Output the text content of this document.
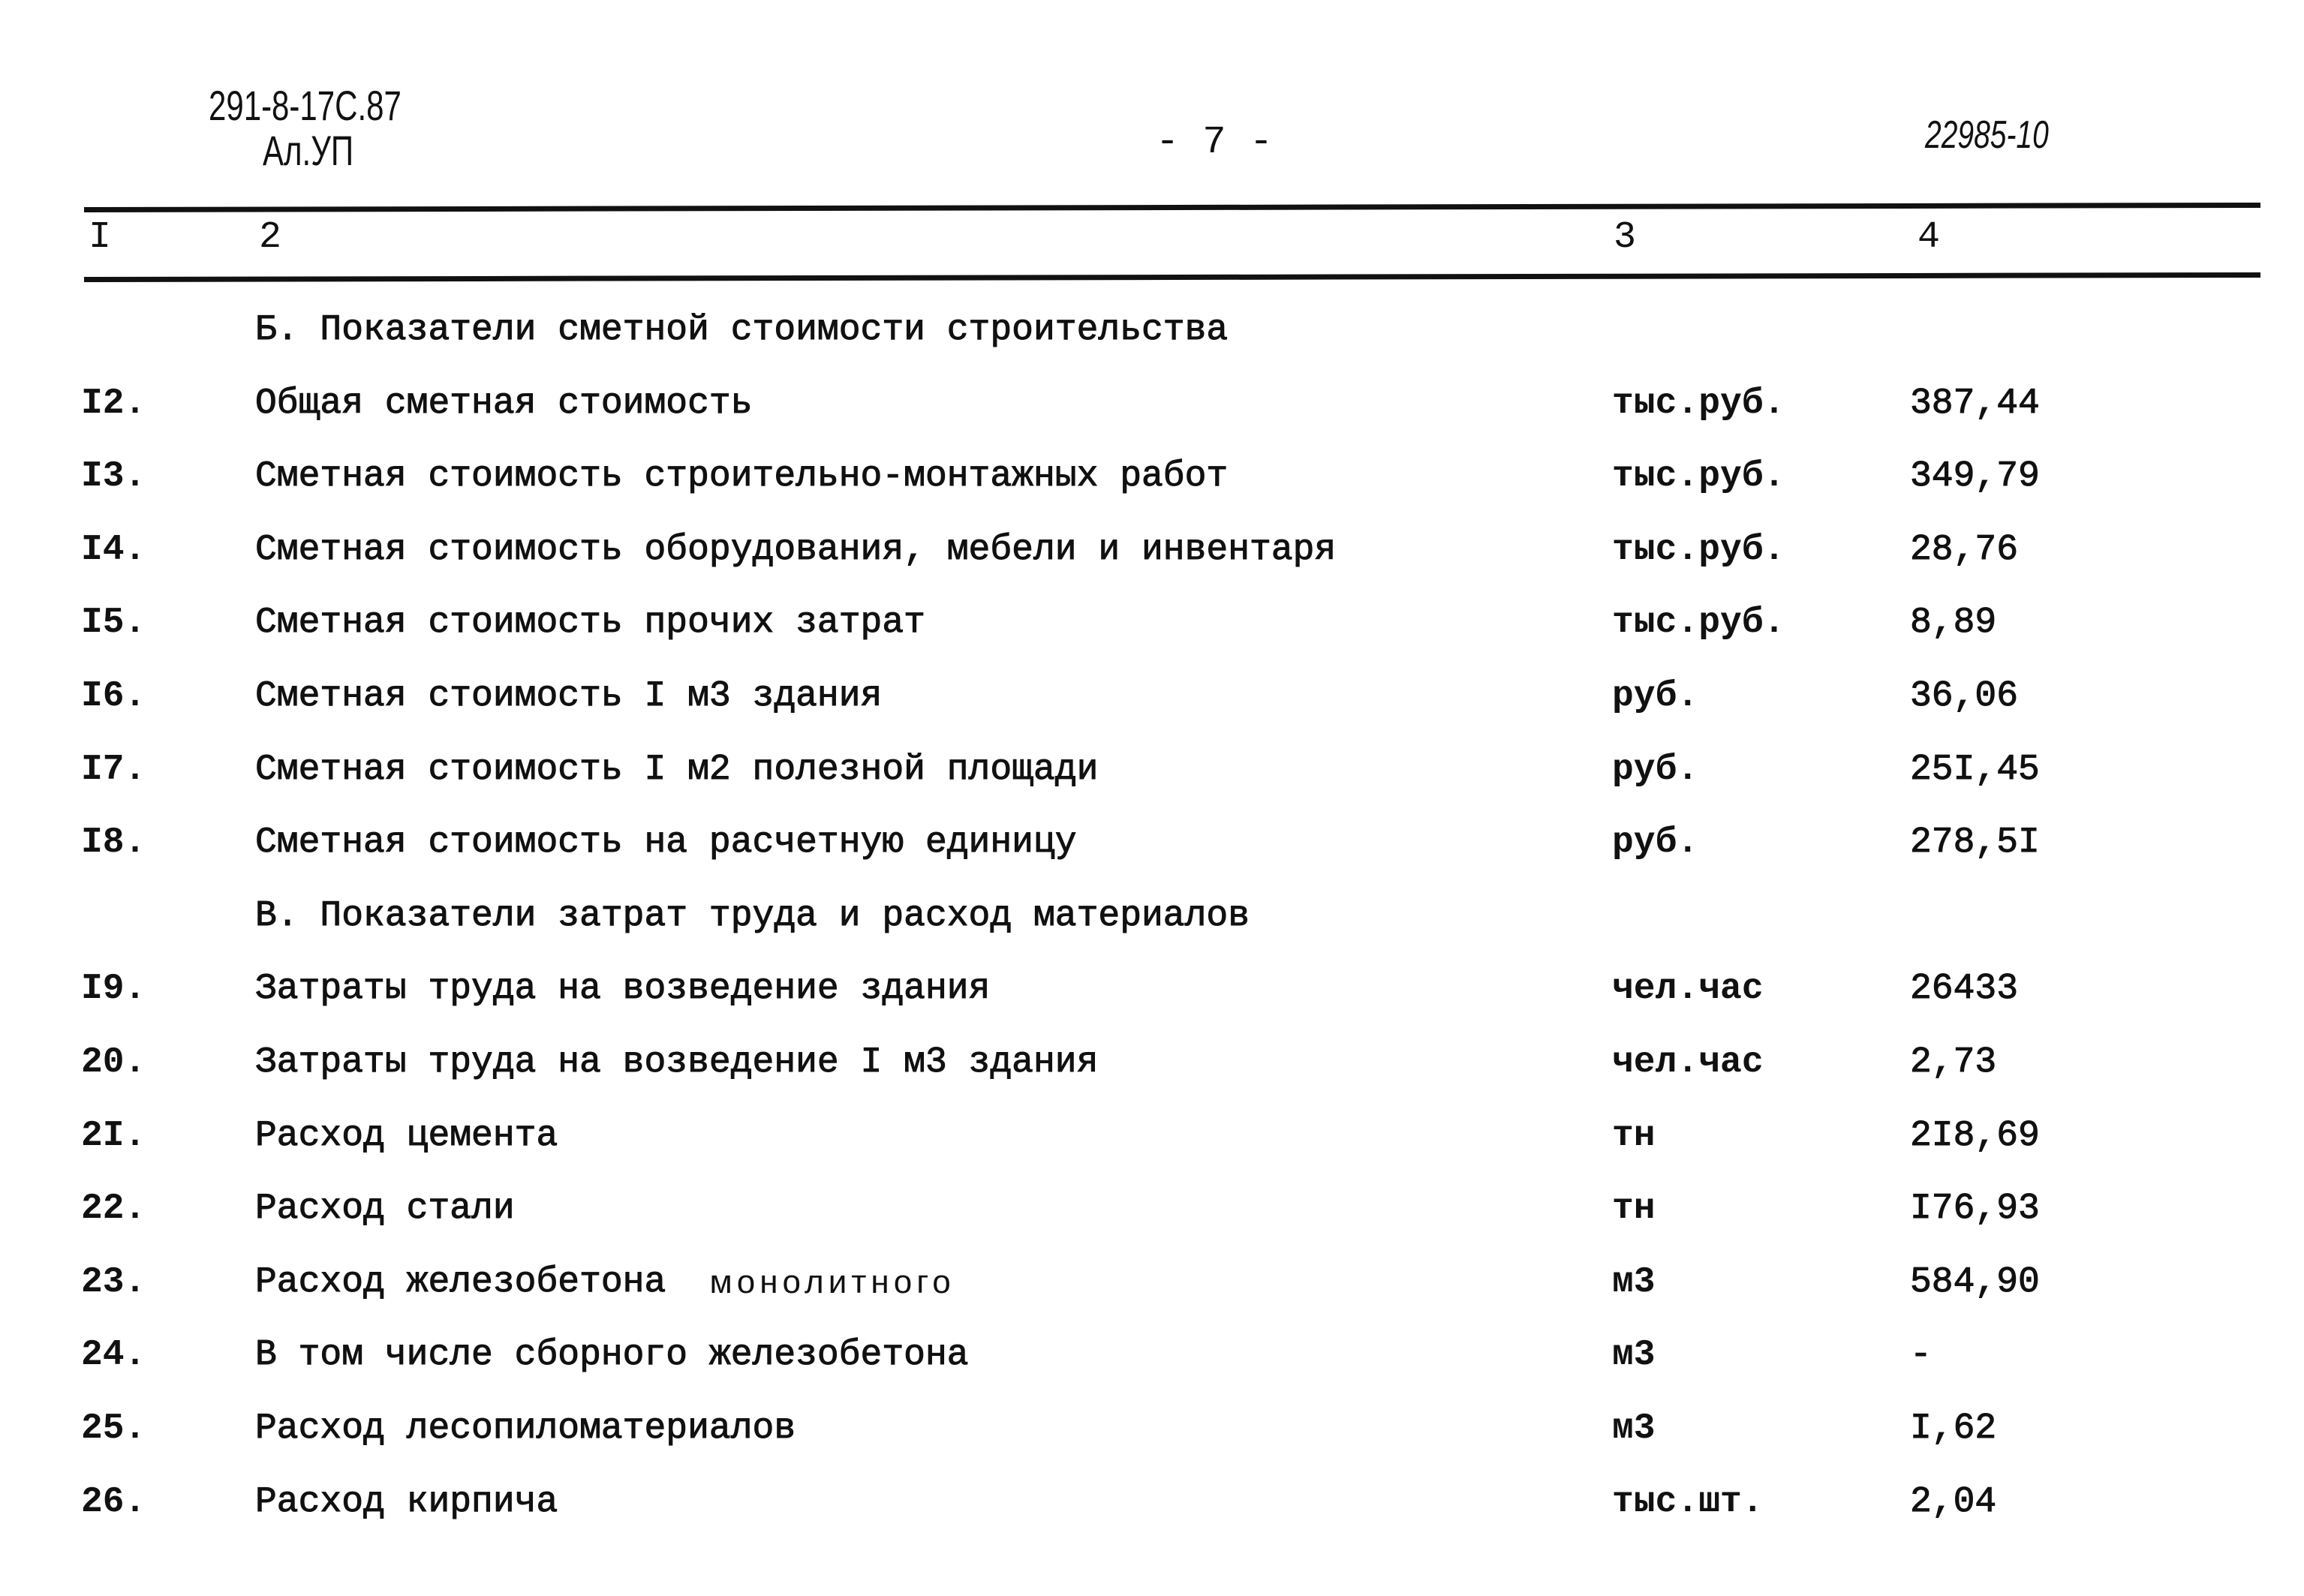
291-8-17С.87
Ал.УП	- 7 -	22985-10
I	2	3	4
Б. Показатели сметной стоимости строительства
I2.	Общая сметная стоимость	тыс.руб.	387,44
I3.	Сметная стоимость строительно-монтажных работ	тыс.руб.	349,79
I4.	Сметная стоимость оборудования, мебели и инвентаря	тыс.руб.	28,76
I5.	Сметная стоимость прочих затрат	тыс.руб.	8,89
I6.	Сметная стоимость I м3 здания	руб.	36,06
I7.	Сметная стоимость I м2 полезной площади	руб.	25I,45
I8.	Сметная стоимость на расчетную единицу	руб.	278,5I
В. Показатели затрат труда и расход материалов
I9.	Затраты труда на возведение здания	чел.час	26433
20.	Затраты труда на возведение I м3 здания	чел.час	2,73
2I.	Расход цемента	тн	2I8,69
22.	Расход стали	тн	I76,93
23.	Расход железобетона монолитного	м3	584,90
24.	В том числе сборного железобетона	м3	-
25.	Расход лесопиломатериалов	м3	I,62
26.	Расход кирпича	тыс.шт.	2,04
